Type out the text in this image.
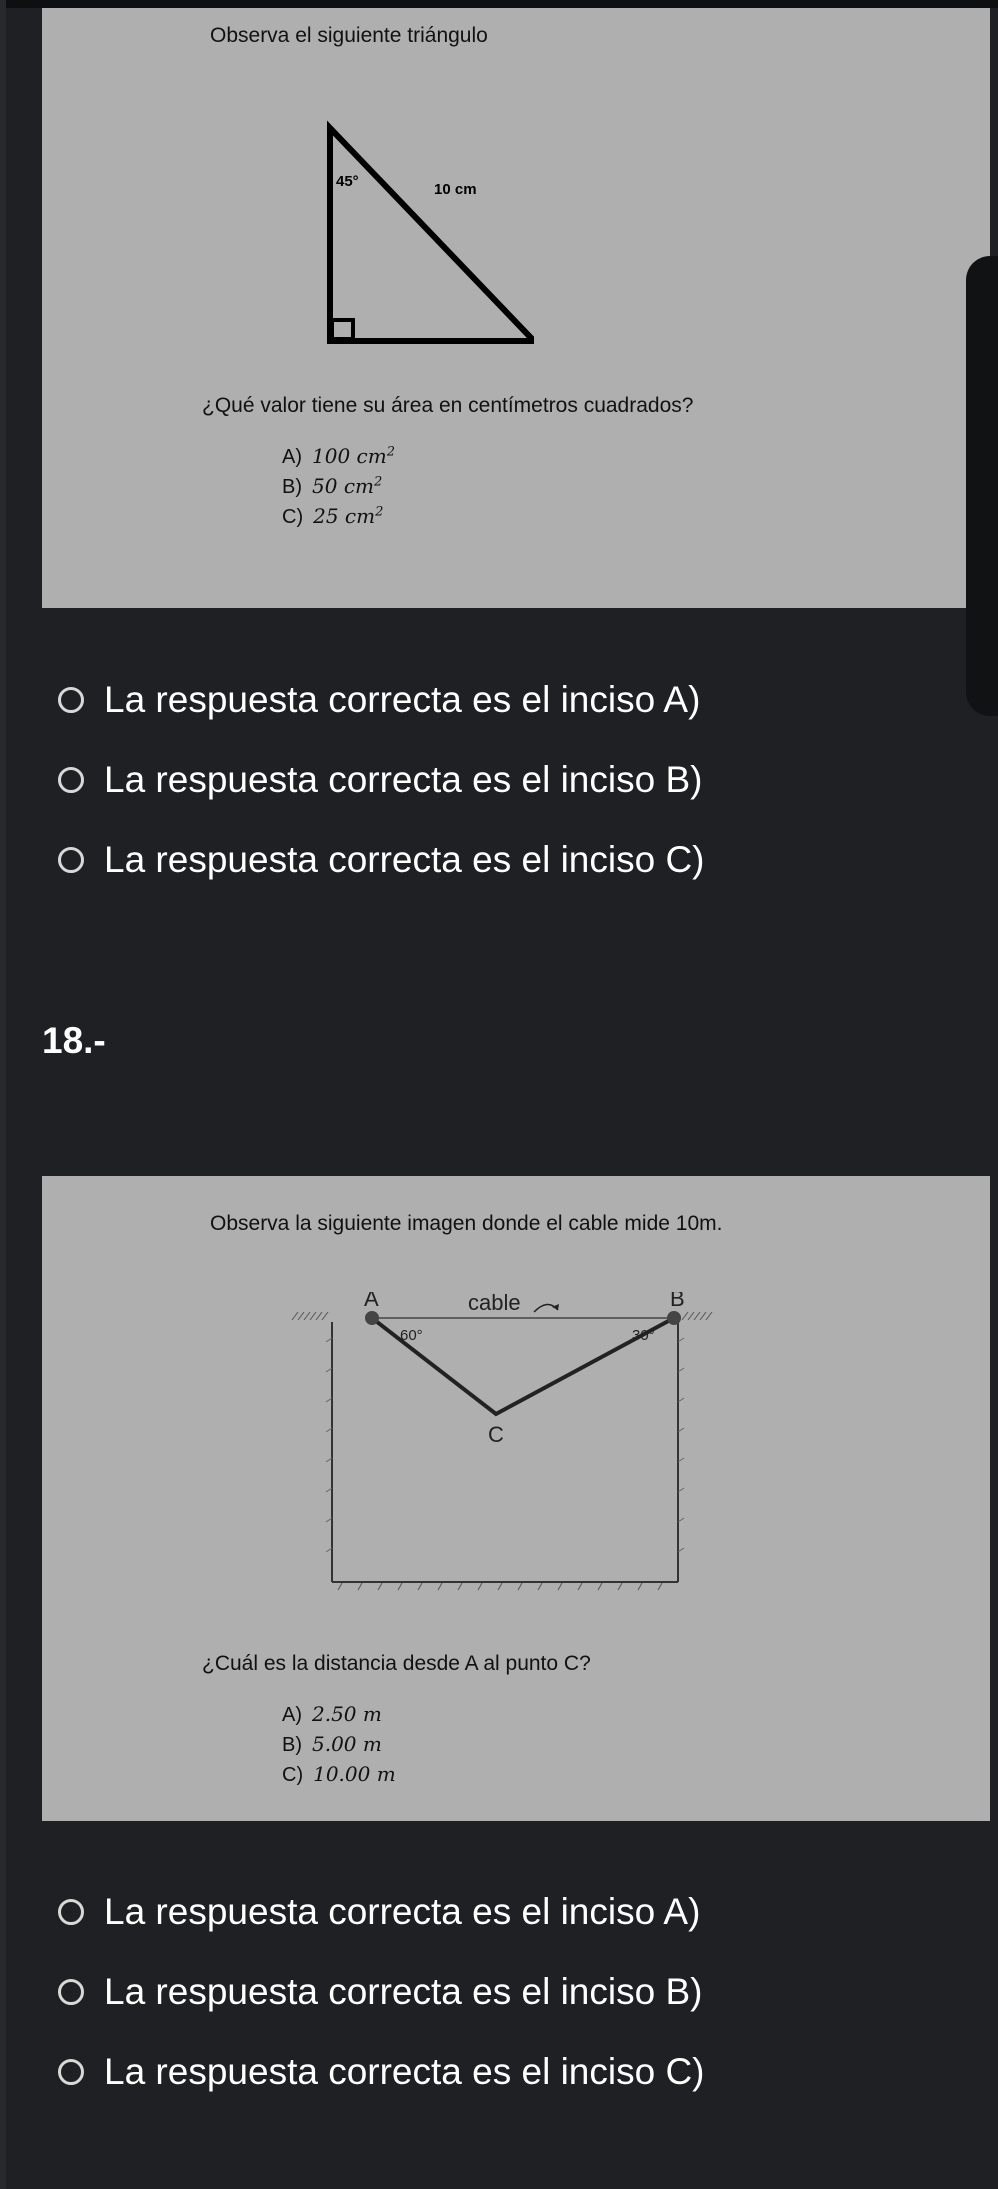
Observa el siguiente triángulo
45°	10 cm
¿Qué valor tiene su área en centímetros cuadrados?
A) 100 $cm^2$
B) 50 $cm^2$
C) 25 $cm^2$
La respuesta correcta es el inciso A)
La respuesta correcta es el inciso B)
La respuesta correcta es el inciso C)
18.-
Observa la siguiente imagen donde el cable mide 10m.
A	B
C
cable
60°	30°
¿Cuál es la distancia desde A al punto C?
A) 2.50 m
B) 5.00 m
C) 10.00 m
La respuesta correcta es el inciso A)
La respuesta correcta es el inciso B)
La respuesta correcta es el inciso C)
